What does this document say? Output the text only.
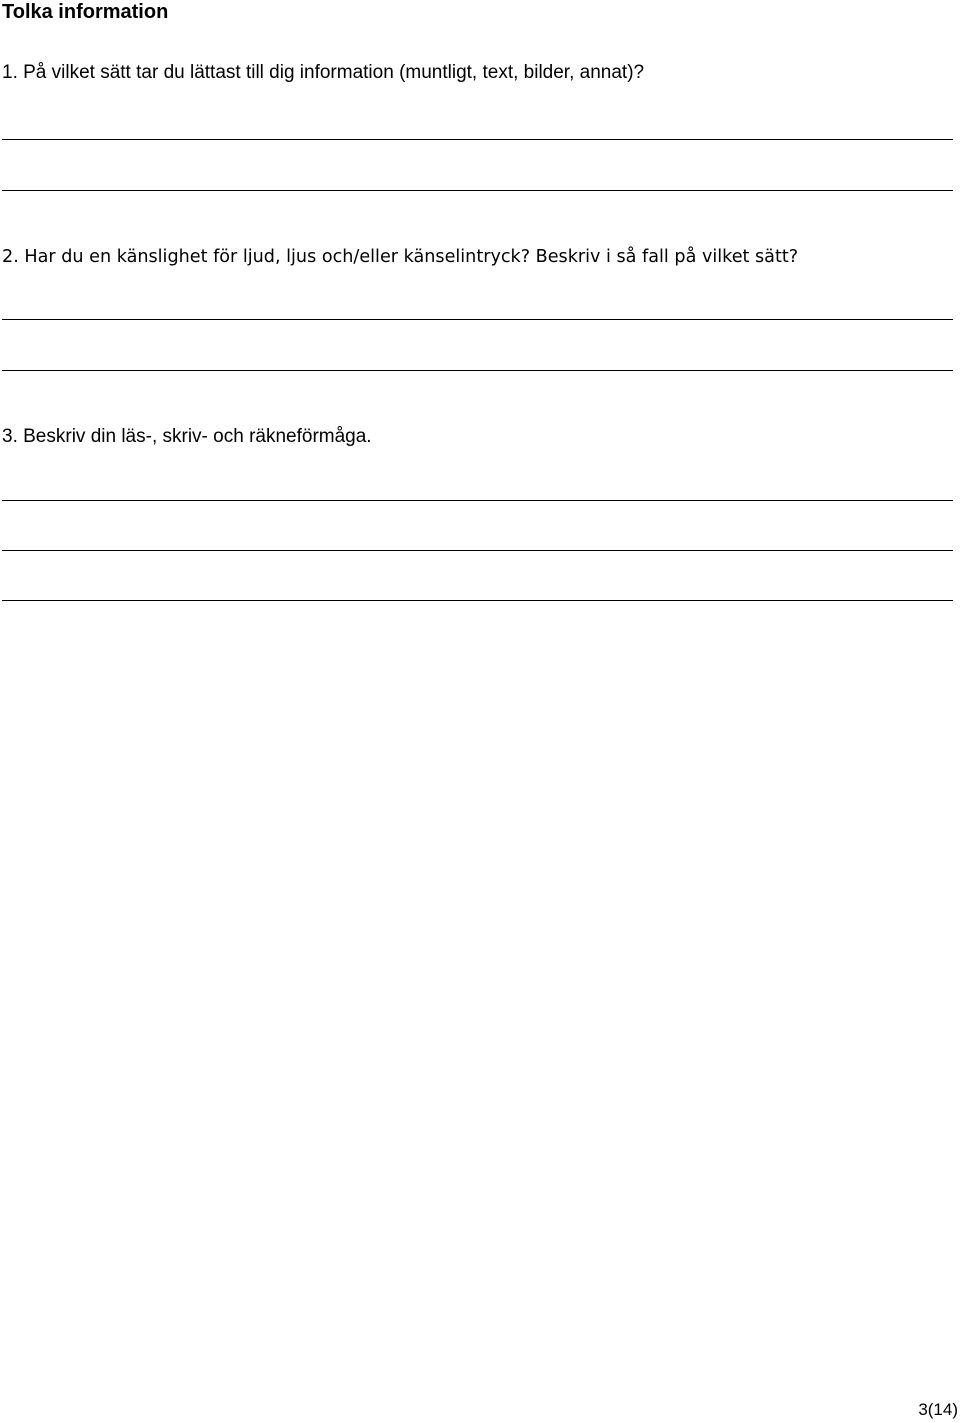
Tolka information

1. På vilket sätt tar du lättast till dig information (muntligt, text, bilder, annat)?

2. Har du en känslighet för ljud, ljus och/eller känselintryck? Beskriv i så fall på vilket sätt?

3. Beskriv din läs-, skriv- och räkneförmåga.

3(14)
